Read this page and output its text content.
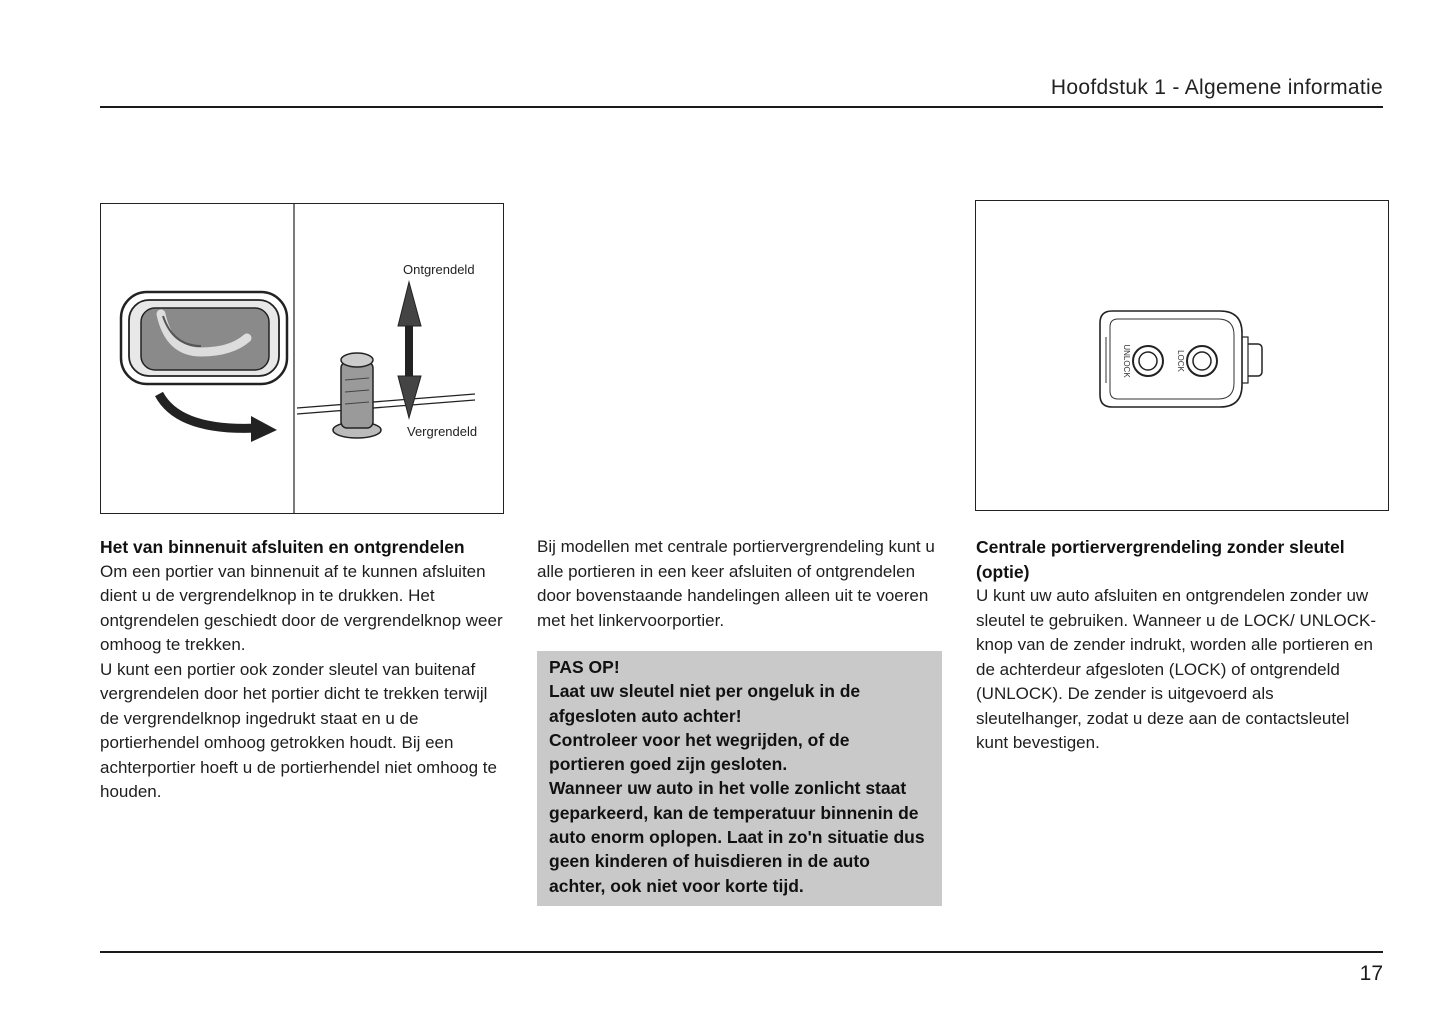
Hoofdstuk 1 - Algemene informatie
Ontgrendeld
Vergrendeld
UNLOCK	LOCK
Het van binnenuit afsluiten en ontgrendelen

Om een portier van binnenuit af te kunnen afsluiten dient u de vergrendelknop in te drukken. Het ontgrendelen geschiedt door de vergrendelknop weer omhoog te trekken.

U kunt een portier ook zonder sleutel van buitenaf vergrendelen door het portier dicht te trekken terwijl de vergrendelknop ingedrukt staat en u de portierhendel omhoog getrokken houdt. Bij een achterportier hoeft u de portierhendel niet omhoog te houden.

Bij modellen met centrale portiervergrendeling kunt u alle portieren in een keer afsluiten of ontgrendelen door bovenstaande handelingen alleen uit te voeren met het linkervoorportier.

PAS OP!

Laat uw sleutel niet per ongeluk in de afgesloten auto achter!

Controleer voor het wegrijden, of de portieren goed zijn gesloten.

Wanneer uw auto in het volle zonlicht staat geparkeerd, kan de temperatuur binnenin de auto enorm oplopen. Laat in zo'n situatie dus geen kinderen of huisdieren in de auto achter, ook niet voor korte tijd.

Centrale portiervergrendeling zonder sleutel (optie)

U kunt uw auto afsluiten en ontgrendelen zonder uw sleutel te gebruiken. Wanneer u de LOCK/ UNLOCK-knop van de zender indrukt, worden alle portieren en de achterdeur afgesloten (LOCK) of ontgrendeld (UNLOCK). De zender is uitgevoerd als sleutelhanger, zodat u deze aan de contactsleutel kunt bevestigen.

17
